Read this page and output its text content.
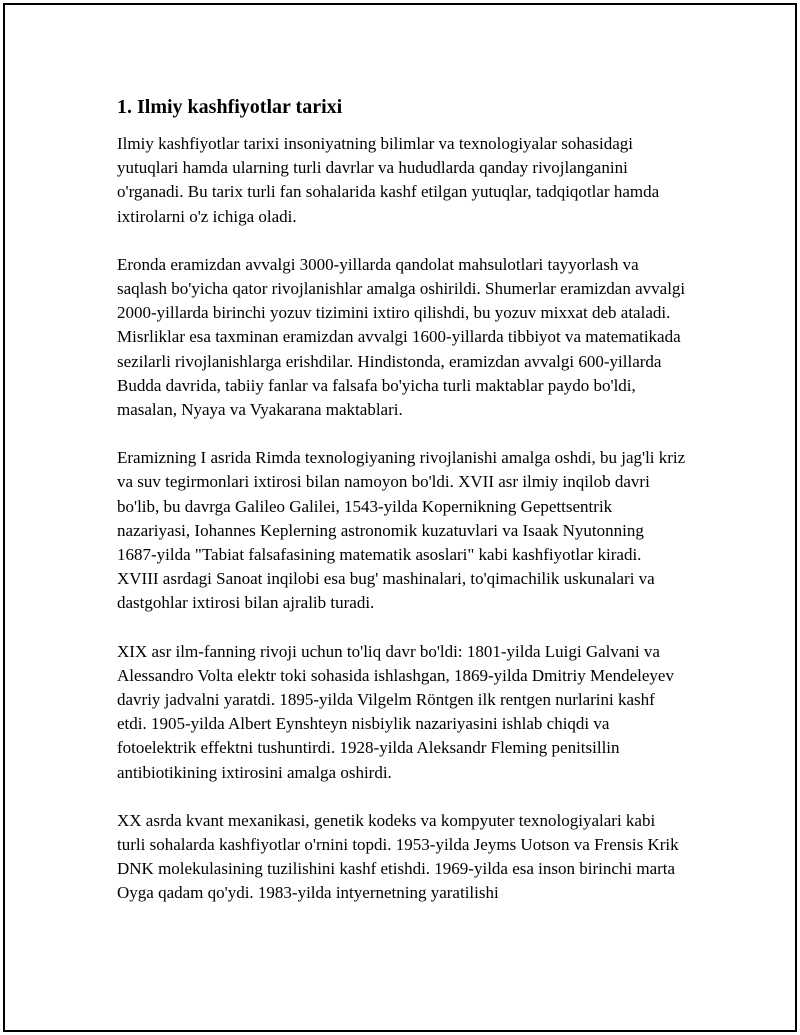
1. Ilmiy kashfiyotlar tarixi

Ilmiy kashfiyotlar tarixi insoniyatning bilimlar va texnologiyalar sohasidagi yutuqlari hamda ularning turli davrlar va hududlarda qanday rivojlanganini o'rganadi. Bu tarix turli fan sohalarida kashf etilgan yutuqlar, tadqiqotlar hamda ixtirolarni o'z ichiga oladi.

Eronda eramizdan avvalgi 3000-yillarda qandolat mahsulotlari tayyorlash va saqlash bo'yicha qator rivojlanishlar amalga oshirildi. Shumerlar eramizdan avvalgi 2000-yillarda birinchi yozuv tizimini ixtiro qilishdi, bu yozuv mixxat deb ataladi. Misrliklar esa taxminan eramizdan avvalgi 1600-yillarda tibbiyot va matematikada sezilarli rivojlanishlarga erishdilar. Hindistonda, eramizdan avvalgi 600-yillarda Budda davrida, tabiiy fanlar va falsafa bo'yicha turli maktablar paydo bo'ldi, masalan, Nyaya va Vyakarana maktablari.

Eramizning I asrida Rimda texnologiyaning rivojlanishi amalga oshdi, bu jag'li kriz va suv tegirmonlari ixtirosi bilan namoyon bo'ldi. XVII asr ilmiy inqilob davri bo'lib, bu davrga Galileo Galilei, 1543-yilda Kopernikning Gepettsentrik nazariyasi, Iohannes Keplerning astronomik kuzatuvlari va Isaak Nyutonning 1687-yilda "Tabiat falsafasining matematik asoslari" kabi kashfiyotlar kiradi. XVIII asrdagi Sanoat inqilobi esa bug' mashinalari, to'qimachilik uskunalari va dastgohlar ixtirosi bilan ajralib turadi.

XIX asr ilm-fanning rivoji uchun to'liq davr bo'ldi: 1801-yilda Luigi Galvani va Alessandro Volta elektr toki sohasida ishlashgan, 1869-yilda Dmitriy Mendeleyev davriy jadvalni yaratdi. 1895-yilda Vilgelm Röntgen ilk rentgen nurlarini kashf etdi. 1905-yilda Albert Eynshteyn nisbiylik nazariyasini ishlab chiqdi va fotoelektrik effektni tushuntirdi. 1928-yilda Aleksandr Fleming penitsillin antibiotikining ixtirosini amalga oshirdi.

XX asrda kvant mexanikasi, genetik kodeks va kompyuter texnologiyalari kabi turli sohalarda kashfiyotlar o'rnini topdi. 1953-yilda Jeyms Uotson va Frensis Krik DNK molekulasining tuzilishini kashf etishdi. 1969-yilda esa inson birinchi marta Oyga qadam qo'ydi. 1983-yilda intyernetning yaratilishi
